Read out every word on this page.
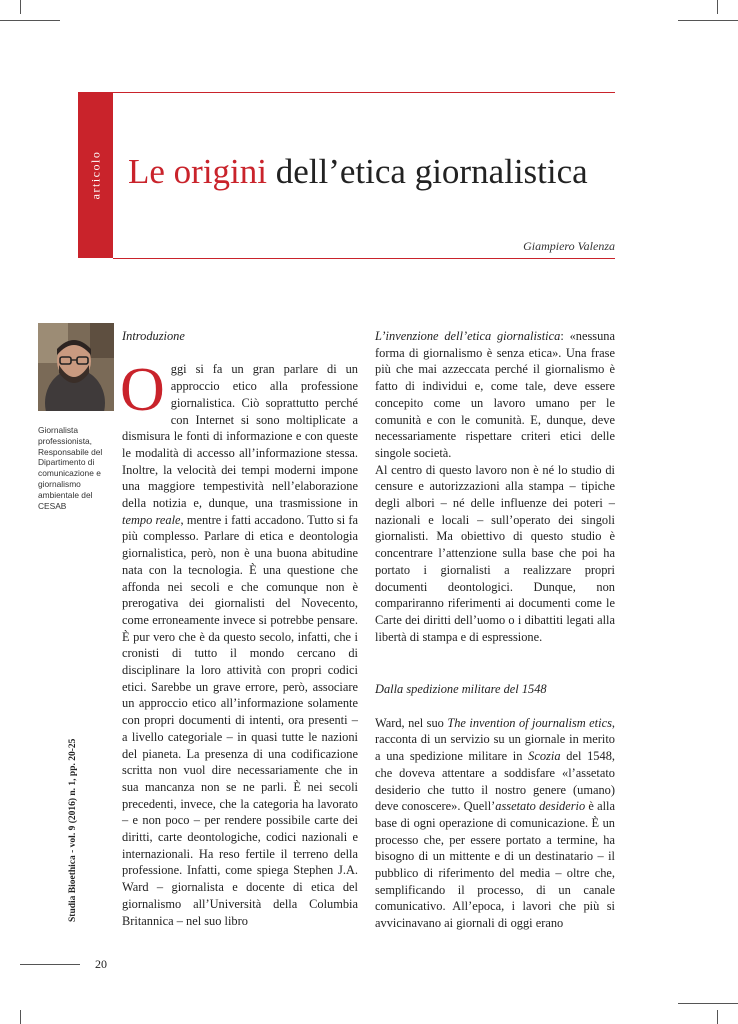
articolo Le origini dell’etica giornalistica
Giampiero Valenza
Giornalista professionista, Responsabile del Dipartimento di comunicazione e giornalismo ambientale del CESAB
Studia Bioethica - vol. 9 (2016) n. 1, pp. 20-25
20
Introduzione

Oggi si fa un gran parlare di un approccio etico alla professione giornalistica. Ciò soprattutto perché con Internet si sono moltiplicate a dismisura le fonti di informazione e con queste le modalità di accesso all’informazione stessa. Inoltre, la velocità dei tempi moderni impone una maggiore tempestività nell’elaborazione della notizia e, dunque, una trasmissione in tempo reale, mentre i fatti accadono. Tutto si fa più complesso. Parlare di etica e deontologia giornalistica, però, non è una buona abitudine nata con la tecnologia. È una questione che affonda nei secoli e che comunque non è prerogativa dei giornalisti del Novecento, come erroneamente invece si potrebbe pensare. È pur vero che è da questo secolo, infatti, che i cronisti di tutto il mondo cercano di disciplinare la loro attività con propri codici etici. Sarebbe un grave errore, però, associare un approccio etico all’informazione solamente con propri documenti di intenti, ora presenti – a livello categoriale – in quasi tutte le nazioni del pianeta. La presenza di una codificazione scritta non vuol dire necessariamente che in sua mancanza non se ne parli. È nei secoli precedenti, invece, che la categoria ha lavorato – e non poco – per rendere possibile carte dei diritti, carte deontologiche, codici nazionali e internazionali. Ha reso fertile il terreno della professione. Infatti, come spiega Stephen J.A. Ward – giornalista e docente di etica del giornalismo all’Università della Columbia Britannica – nel suo libro

L’invenzione dell’etica giornalistica: «nessuna forma di giornalismo è senza etica». Una frase più che mai azzeccata perché il giornalismo è fatto di individui e, come tale, deve essere concepito come un lavoro umano per le comunità e con le comunità. E, dunque, deve necessariamente rispettare criteri etici delle singole società.

Al centro di questo lavoro non è né lo studio di censure e autorizzazioni alla stampa – tipiche degli albori – né delle influenze dei poteri – nazionali e locali – sull’operato dei singoli giornalisti. Ma obiettivo di questo studio è concentrare l’attenzione sulla base che poi ha portato i giornalisti a realizzare propri documenti deontologici. Dunque, non compariranno riferimenti ai documenti come le Carte dei diritti dell’uomo o i dibattiti legati alla libertà di stampa e di espressione.

Dalla spedizione militare del 1548

Ward, nel suo The invention of journalism etics, racconta di un servizio su un giornale in merito a una spedizione militare in Scozia del 1548, che doveva attentare a soddisfare «l’assetato desiderio che tutto il nostro genere (umano) deve conoscere». Quell’assetato desiderio è alla base di ogni operazione di comunicazione. È un processo che, per essere portato a termine, ha bisogno di un mittente e di un destinatario – il pubblico di riferimento del media – oltre che, semplificando il processo, di un canale comunicativo. All’epoca, i lavori che più si avvicinavano ai giornali di oggi erano
